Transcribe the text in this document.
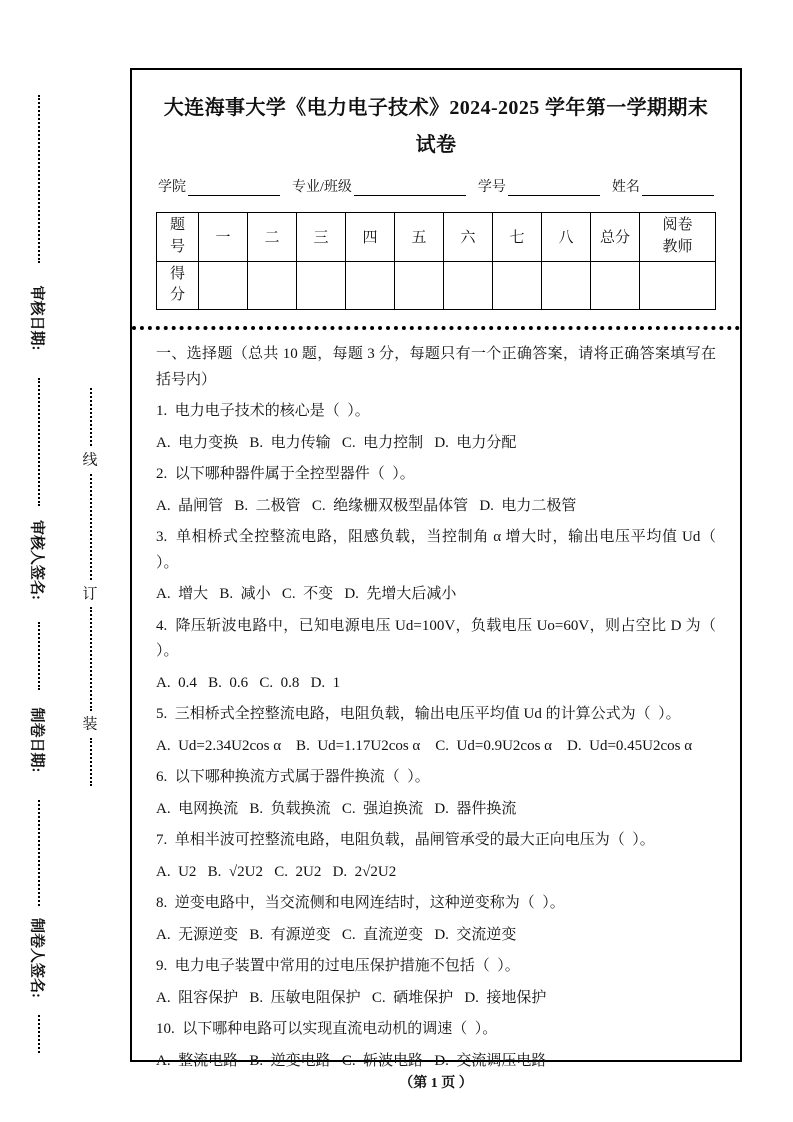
审核日期:
审核人签名:
制卷日期:
制卷人签名:
线
订
装
大连海事大学《电力电子技术》2024-2025 学年第一学期期末试卷
学院	专业/班级	学号	姓名
题号	一	二	三	四	五	六	七	八	总分	阅卷教师
得分										

一、选择题（总共 10 题，每题 3 分，每题只有一个正确答案，请将正确答案填写在括号内）

1.  电力电子技术的核心是（  ）。

A.  电力变换   B.  电力传输   C.  电力控制   D.  电力分配

2.  以下哪种器件属于全控型器件（  ）。

A.  晶闸管   B.  二极管   C.  绝缘栅双极型晶体管   D.  电力二极管

3.  单相桥式全控整流电路，阻感负载，当控制角 α 增大时，输出电压平均值 Ud（  ）。

A.  增大   B.  减小   C.  不变   D.  先增大后减小

4.  降压斩波电路中，已知电源电压 Ud=100V，负载电压 Uo=60V，则占空比 D 为（  ）。

A.  0.4   B.  0.6   C.  0.8   D.  1

5.  三相桥式全控整流电路，电阻负载，输出电压平均值 Ud 的计算公式为（  ）。

A.  Ud=2.34U2cos α    B.  Ud=1.17U2cos α    C.  Ud=0.9U2cos α    D.  Ud=0.45U2cos α

6.  以下哪种换流方式属于器件换流（  ）。

A.  电网换流   B.  负载换流   C.  强迫换流   D.  器件换流

7.  单相半波可控整流电路，电阻负载，晶闸管承受的最大正向电压为（  ）。

A.  U2   B.  √2U2   C.  2U2   D.  2√2U2

8.  逆变电路中，当交流侧和电网连结时，这种逆变称为（  ）。

A.  无源逆变   B.  有源逆变   C.  直流逆变   D.  交流逆变

9.  电力电子装置中常用的过电压保护措施不包括（  ）。

A.  阻容保护   B.  压敏电阻保护   C.  硒堆保护   D.  接地保护

10.  以下哪种电路可以实现直流电动机的调速（  ）。

A.  整流电路   B.  逆变电路   C.  斩波电路   D.  交流调压电路

（第 1 页 ）
